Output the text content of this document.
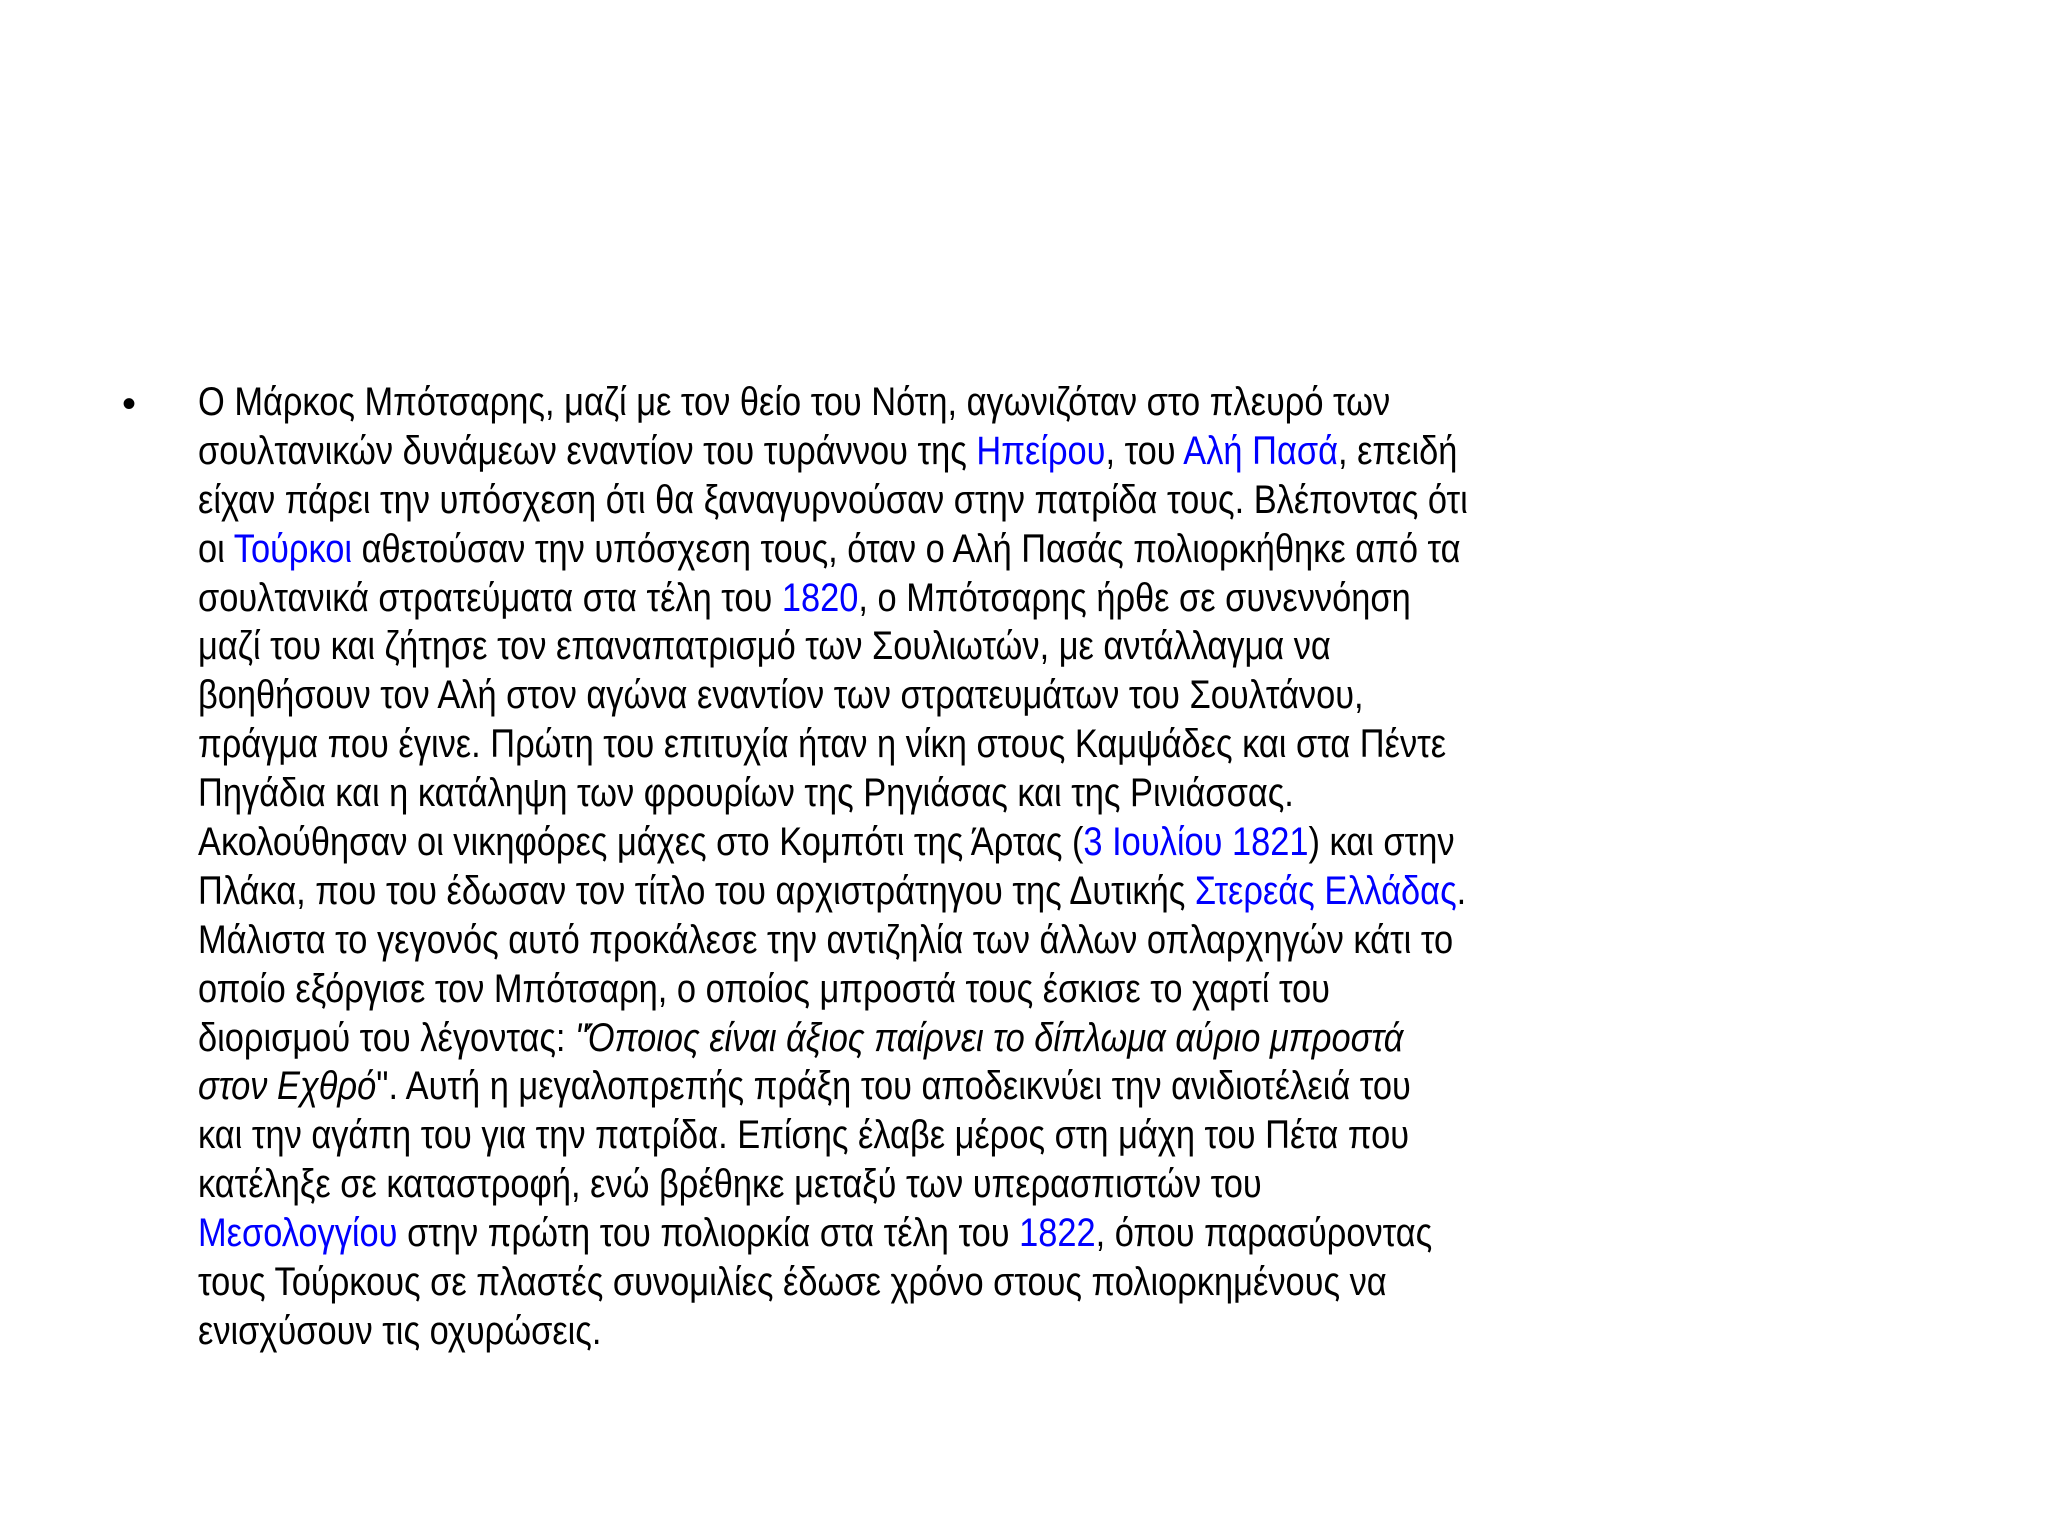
• Ο Μάρκος Μπότσαρης, μαζί με τον θείο του Νότη, αγωνιζόταν στο πλευρό των
σουλτανικών δυνάμεων εναντίον του τυράννου της Ηπείρου, του Αλή Πασά, επειδή
είχαν πάρει την υπόσχεση ότι θα ξαναγυρνούσαν στην πατρίδα τους. Βλέποντας ότι
οι Τούρκοι αθετούσαν την υπόσχεση τους, όταν ο Αλή Πασάς πολιορκήθηκε από τα
σουλτανικά στρατεύματα στα τέλη του 1820, ο Μπότσαρης ήρθε σε συνεννόηση
μαζί του και ζήτησε τον επαναπατρισμό των Σουλιωτών, με αντάλλαγμα να
βοηθήσουν τον Αλή στον αγώνα εναντίον των στρατευμάτων του Σουλτάνου,
πράγμα που έγινε. Πρώτη του επιτυχία ήταν η νίκη στους Καμψάδες και στα Πέντε
Πηγάδια και η κατάληψη των φρουρίων της Ρηγιάσας και της Ρινιάσσας.
Ακολούθησαν οι νικηφόρες μάχες στο Κομπότι της Άρτας (3 Ιουλίου 1821) και στην
Πλάκα, που του έδωσαν τον τίτλο του αρχιστράτηγου της Δυτικής Στερεάς Ελλάδας.
Μάλιστα το γεγονός αυτό προκάλεσε την αντιζηλία των άλλων οπλαρχηγών κάτι το
οποίο εξόργισε τον Μπότσαρη, ο οποίος μπροστά τους έσκισε το χαρτί του
διορισμού του λέγοντας: "Όποιος είναι άξιος παίρνει το δίπλωμα αύριο μπροστά
στον Εχθρό". Αυτή η μεγαλοπρεπής πράξη του αποδεικνύει την ανιδιοτέλειά του
και την αγάπη του για την πατρίδα. Επίσης έλαβε μέρος στη μάχη του Πέτα που
κατέληξε σε καταστροφή, ενώ βρέθηκε μεταξύ των υπερασπιστών του
Μεσολογγίου στην πρώτη του πολιορκία στα τέλη του 1822, όπου παρασύροντας
τους Τούρκους σε πλαστές συνομιλίες έδωσε χρόνο στους πολιορκημένους να
ενισχύσουν τις οχυρώσεις.
